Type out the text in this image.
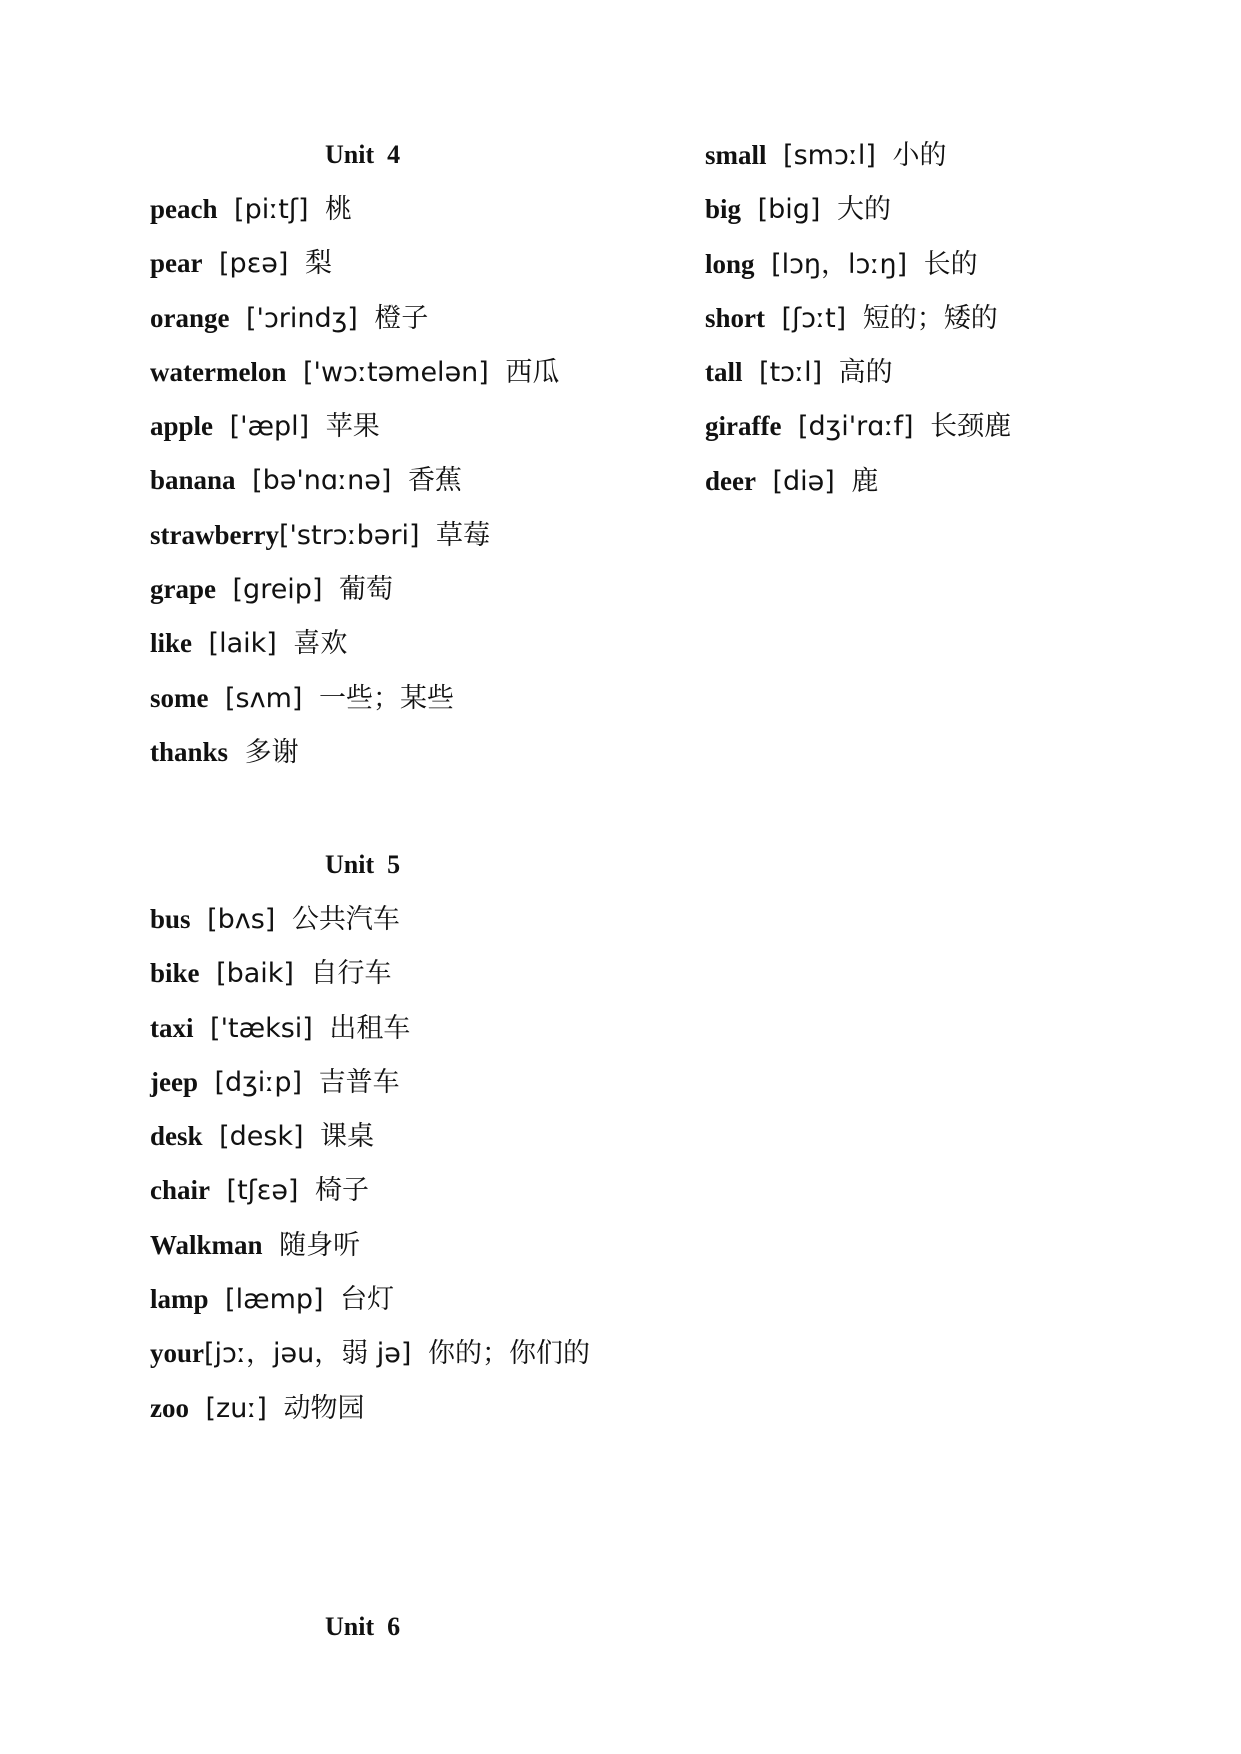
Unit  4
peach [piːtʃ] 桃
pear [pɛə] 梨
orange ['ɔrindʒ] 橙子
watermelon ['wɔːtəmelən] 西瓜
apple ['æpl] 苹果
banana [bə'nɑːnə] 香蕉
strawberry['strɔːbəri] 草莓
grape [greip] 葡萄
like [laik] 喜欢
some [sʌm] 一些；某些
thanks 多谢
small [smɔːl] 小的
big [big] 大的
long [lɔŋ，lɔːŋ] 长的
short [ʃɔːt] 短的；矮的
tall [tɔːl] 高的
giraffe [dʒi'rɑːf] 长颈鹿
deer [diə] 鹿
Unit  5
bus [bʌs] 公共汽车
bike [baik] 自行车
taxi ['tæksi] 出租车
jeep [dʒiːp] 吉普车
desk [desk] 课桌
chair [tʃɛə] 椅子
Walkman 随身听
lamp [læmp] 台灯
your[jɔː，jəu，弱 jə] 你的；你们的
zoo [zuː] 动物园
Unit  6
